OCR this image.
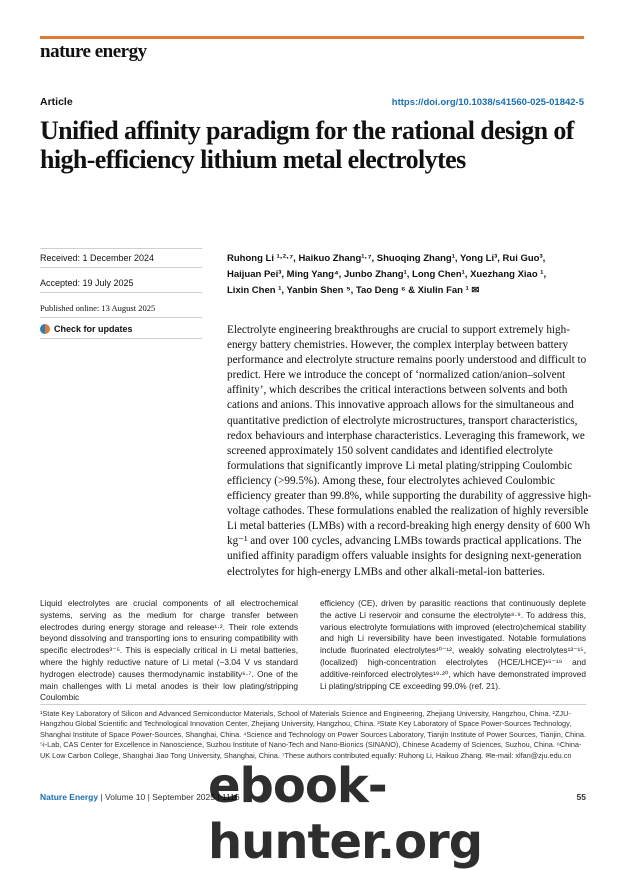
nature energy
Article	https://doi.org/10.1038/s41560-025-01842-5
Unified affinity paradigm for the rational design of high-efficiency lithium metal electrolytes
Received: 1 December 2024
Accepted: 19 July 2025
Published online: 13 August 2025
Check for updates
Ruhong Li ¹·²·⁷, Haikuo Zhang¹·⁷, Shuoqing Zhang¹, Yong Li³, Rui Guo³,
Haijuan Pei³, Ming Yang⁴, Junbo Zhang¹, Long Chen¹, Xuezhang Xiao ¹,
Lixin Chen ¹, Yanbin Shen ⁵, Tao Deng ⁶ & Xiulin Fan ¹ ✉

Electrolyte engineering breakthroughs are crucial to support extremely high-energy battery chemistries. However, the complex interplay between battery performance and electrolyte structure remains poorly understood and difficult to predict. Here we introduce the concept of ‘normalized cation/anion–solvent affinity’, which describes the critical interactions between solvents and both cations and anions. This innovative approach allows for the simultaneous and quantitative prediction of electrolyte microstructures, transport characteristics, redox behaviours and interphase characteristics. Leveraging this framework, we screened approximately 150 solvent candidates and identified electrolyte formulations that significantly improve Li metal plating/stripping Coulombic efficiency (>99.5%). Among these, four electrolytes achieved Coulombic efficiency greater than 99.8%, while supporting the durability of aggressive high-voltage cathodes. These formulations enabled the realization of highly reversible Li metal batteries (LMBs) with a record-breaking high energy density of 600 Wh kg⁻¹ and over 100 cycles, advancing LMBs towards practical applications. The unified affinity paradigm offers valuable insights for designing next-generation electrolytes for high-energy LMBs and other alkali-metal-ion batteries.

Liquid electrolytes are crucial components of all electrochemical systems, serving as the medium for charge transfer between electrodes during energy storage and release¹·². Their role extends beyond dissolving and transporting ions to ensuring compatibility with specific electrodes³⁻⁵. This is especially critical in Li metal batteries, where the highly reductive nature of Li metal (−3.04 V vs standard hydrogen electrode) causes thermodynamic instability⁶·⁷. One of the main challenges with Li metal anodes is their low plating/stripping Coulombic

efficiency (CE), driven by parasitic reactions that continuously deplete the active Li reservoir and consume the electrolyte⁸·⁹. To address this, various electrolyte formulations with improved (electro)chemical stability and high Li reversibility have been investigated. Notable formulations include fluorinated electrolytes¹⁰⁻¹², weakly solvating electrolytes¹³⁻¹⁵, (localized) high-concentration electrolytes (HCE/LHCE)¹⁶⁻¹⁸ and additive-reinforced electrolytes¹⁹·²⁰, which have demonstrated improved Li plating/stripping CE exceeding 99.0% (ref. 21).

¹State Key Laboratory of Silicon and Advanced Semiconductor Materials, School of Materials Science and Engineering, Zhejiang University, Hangzhou, China. ²ZJU-Hangzhou Global Scientific and Technological Innovation Center, Zhejiang University, Hangzhou, China. ³State Key Laboratory of Space Power-Sources Technology, Shanghai Institute of Space Power-Sources, Shanghai, China. ⁴Science and Technology on Power Sources Laboratory, Tianjin Institute of Power Sources, Tianjin, China. ⁵i-Lab, CAS Center for Excellence in Nanoscience, Suzhou Institute of Nano-Tech and Nano-Bionics (SINANO), Chinese Academy of Sciences, Suzhou, China. ⁶China-UK Low Carbon College, Shanghai Jiao Tong University, Shanghai, China. ⁷These authors contributed equally: Ruhong Li, Haikuo Zhang. ✉e-mail: xlfan@zju.edu.cn

Nature Energy | Volume 10 | September 2025 | 1116	55
ebook-hunter.org
